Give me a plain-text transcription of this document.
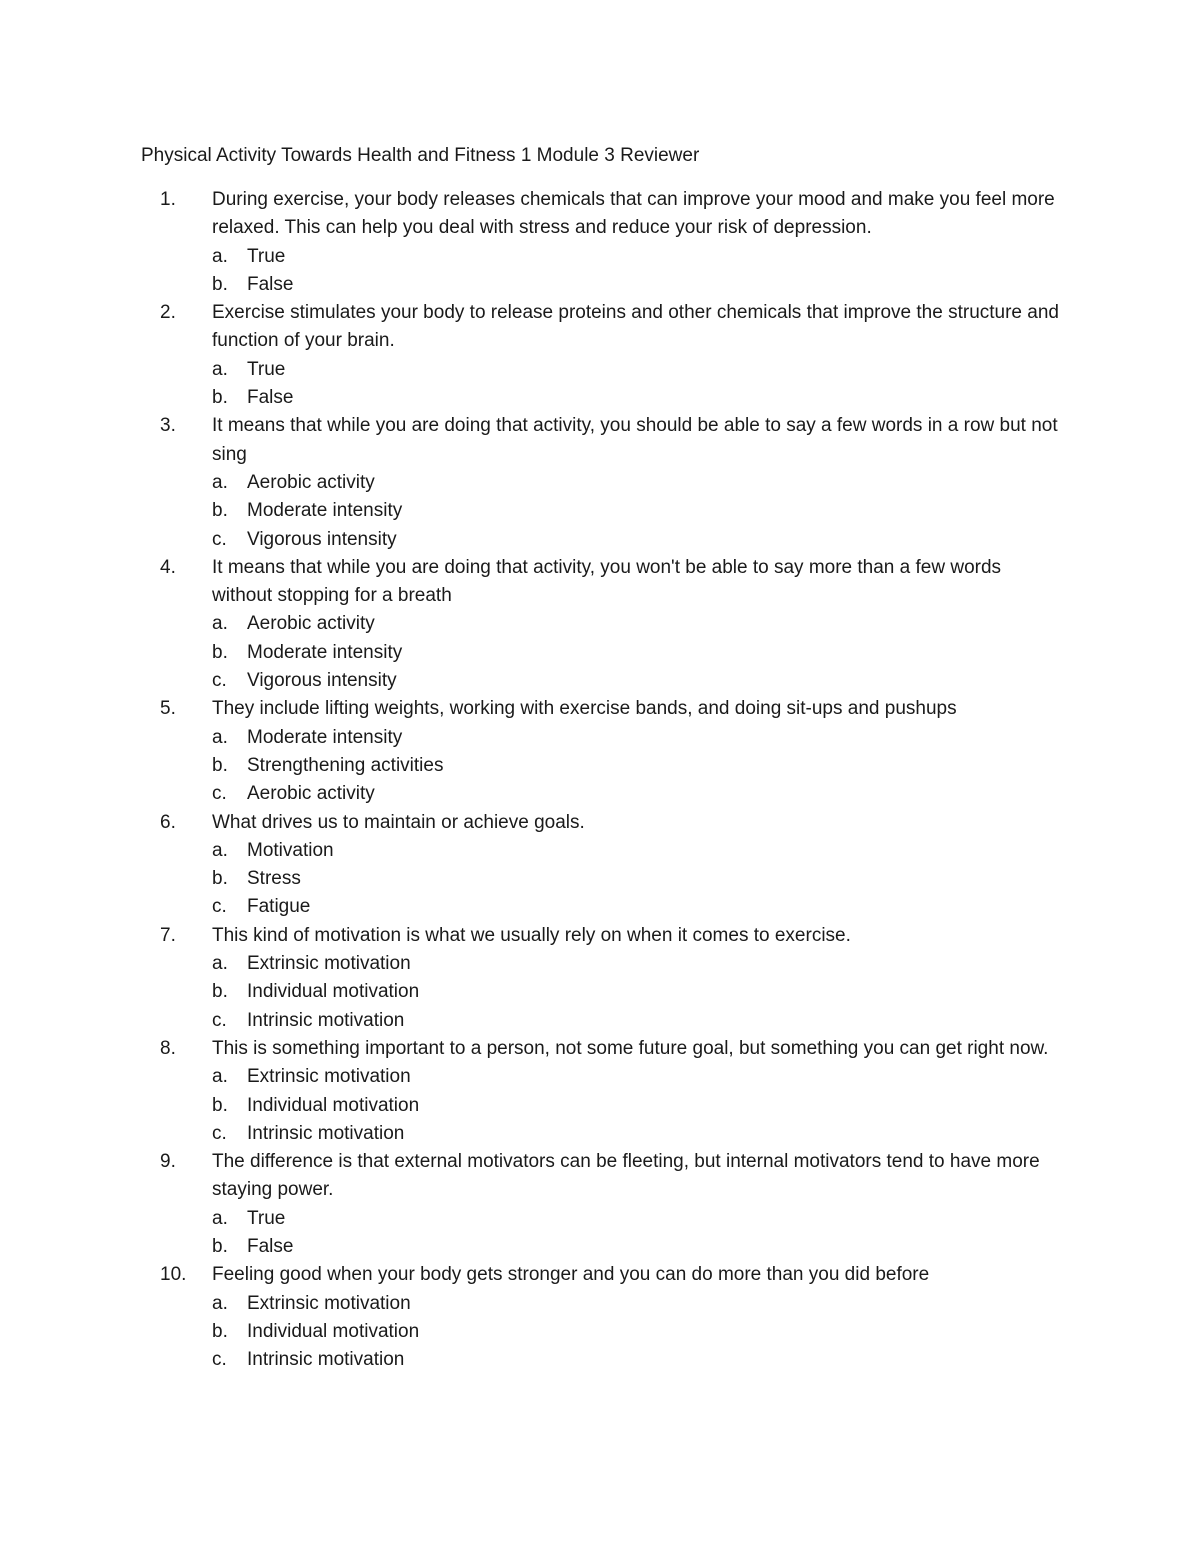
Physical Activity Towards Health and Fitness 1 Module 3 Reviewer
1.	During exercise, your body releases chemicals that can improve your mood and make you feel more relaxed. This can help you deal with stress and reduce your risk of depression.
a. True
b. False
2.	Exercise stimulates your body to release proteins and other chemicals that improve the structure and function of your brain.
a. True
b. False
3.	It means that while you are doing that activity, you should be able to say a few words in a row but not sing
a. Aerobic activity
b. Moderate intensity
c. Vigorous intensity
4.	It means that while you are doing that activity, you won't be able to say more than a few words without stopping for a breath
a. Aerobic activity
b. Moderate intensity
c. Vigorous intensity
5.	They include lifting weights, working with exercise bands, and doing sit-ups and pushups
a. Moderate intensity
b. Strengthening activities
c. Aerobic activity
6.	What drives us to maintain or achieve goals.
a. Motivation
b. Stress
c. Fatigue
7.	This kind of motivation is what we usually rely on when it comes to exercise.
a. Extrinsic motivation
b. Individual motivation
c. Intrinsic motivation
8.	This is something important to a person, not some future goal, but something you can get right now.
a. Extrinsic motivation
b. Individual motivation
c. Intrinsic motivation
9.	The difference is that external motivators can be fleeting, but internal motivators tend to have more staying power.
a. True
b. False
10.	Feeling good when your body gets stronger and you can do more than you did before
a. Extrinsic motivation
b. Individual motivation
c. Intrinsic motivation
